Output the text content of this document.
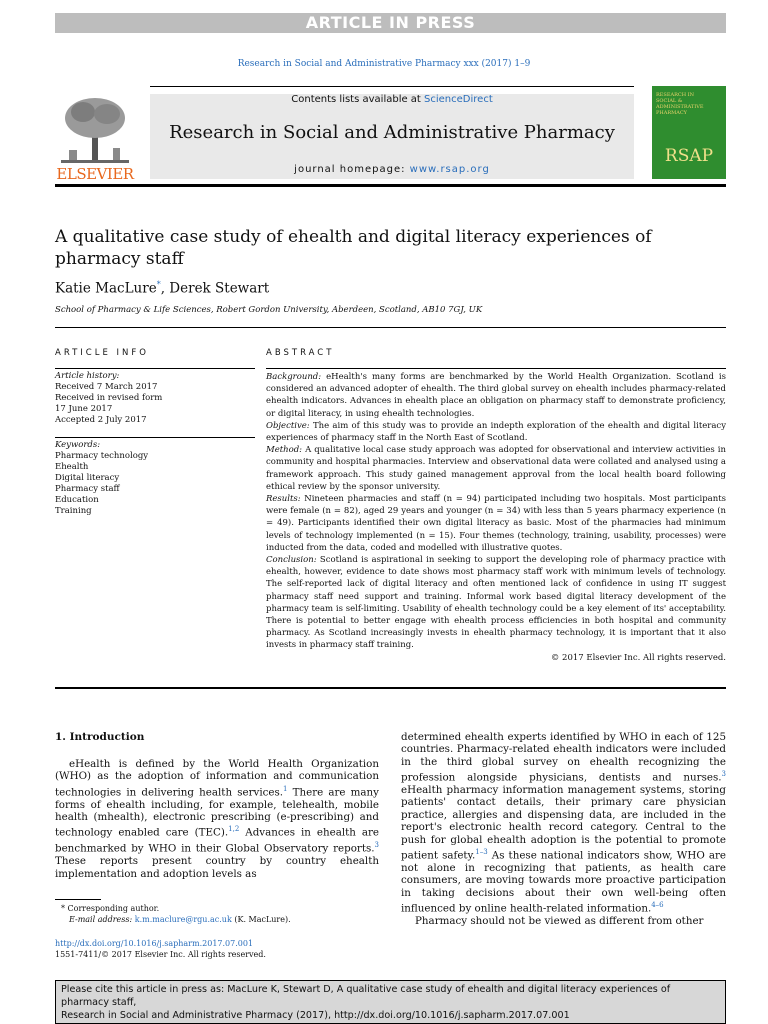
ARTICLE IN PRESS
Research in Social and Administrative Pharmacy xxx (2017) 1–9
Contents lists available at ScienceDirect
Research in Social and Administrative Pharmacy
journal homepage: www.rsap.org
ELSEVIER
RESEARCH IN SOCIAL & ADMINISTRATIVE PHARMACY
RSAP
A qualitative case study of ehealth and digital literacy experiences of pharmacy staff
Katie MacLure*, Derek Stewart
School of Pharmacy & Life Sciences, Robert Gordon University, Aberdeen, Scotland, AB10 7GJ, UK
ARTICLE INFO	ABSTRACT
Article history:
Received 7 March 2017
Received in revised form
17 June 2017
Accepted 2 July 2017
Keywords:
Pharmacy technology
Ehealth
Digital literacy
Pharmacy staff
Education
Training
Background: eHealth's many forms are benchmarked by the World Health Organization. Scotland is considered an advanced adopter of ehealth. The third global survey on ehealth includes pharmacy-related ehealth indicators. Advances in ehealth place an obligation on pharmacy staff to demonstrate proficiency, or digital literacy, in using ehealth technologies.
Objective: The aim of this study was to provide an indepth exploration of the ehealth and digital literacy experiences of pharmacy staff in the North East of Scotland.
Method: A qualitative local case study approach was adopted for observational and interview activities in community and hospital pharmacies. Interview and observational data were collated and analysed using a framework approach. This study gained management approval from the local health board following ethical review by the sponsor university.
Results: Nineteen pharmacies and staff (n = 94) participated including two hospitals. Most participants were female (n = 82), aged 29 years and younger (n = 34) with less than 5 years pharmacy experience (n = 49). Participants identified their own digital literacy as basic. Most of the pharmacies had minimum levels of technology implemented (n = 15). Four themes (technology, training, usability, processes) were inducted from the data, coded and modelled with illustrative quotes.
Conclusion: Scotland is aspirational in seeking to support the developing role of pharmacy practice with ehealth, however, evidence to date shows most pharmacy staff work with minimum levels of technology. The self-reported lack of digital literacy and often mentioned lack of confidence in using IT suggest pharmacy staff need support and training. Informal work based digital literacy development of the pharmacy team is self-limiting. Usability of ehealth technology could be a key element of its' acceptability. There is potential to better engage with ehealth process efficiencies in both hospital and community pharmacy. As Scotland increasingly invests in ehealth pharmacy technology, it is important that it also invests in pharmacy staff training.
© 2017 Elsevier Inc. All rights reserved.
1. Introduction

eHealth is defined by the World Health Organization (WHO) as the adoption of information and communication technologies in delivering health services.$^1$ There are many forms of ehealth including, for example, telehealth, mobile health (mhealth), electronic prescribing (e-prescribing) and technology enabled care (TEC).$^{1,2}$ Advances in ehealth are benchmarked by WHO in their Global Observatory reports.$^3$ These reports present country by country ehealth implementation and adoption levels as

determined ehealth experts identified by WHO in each of 125 countries. Pharmacy-related ehealth indicators were included in the third global survey on ehealth recognizing the profession alongside physicians, dentists and nurses.$^3$ eHealth pharmacy information management systems, storing patients' contact details, their primary care physician practice, allergies and dispensing data, are included in the report's electronic health record category. Central to the push for global ehealth adoption is the potential to promote patient safety.$^{1-3}$ As these national indicators show, WHO are not alone in recognizing that patients, as health care consumers, are moving towards more proactive participation in taking decisions about their own well-being often influenced by online health-related information.$^{4-6}$

Pharmacy should not be viewed as different from other

* Corresponding author.
E-mail address: k.m.maclure@rgu.ac.uk (K. MacLure).
http://dx.doi.org/10.1016/j.sapharm.2017.07.001
1551-7411/© 2017 Elsevier Inc. All rights reserved.
Please cite this article in press as: MacLure K, Stewart D, A qualitative case study of ehealth and digital literacy experiences of pharmacy staff,
Research in Social and Administrative Pharmacy (2017), http://dx.doi.org/10.1016/j.sapharm.2017.07.001
